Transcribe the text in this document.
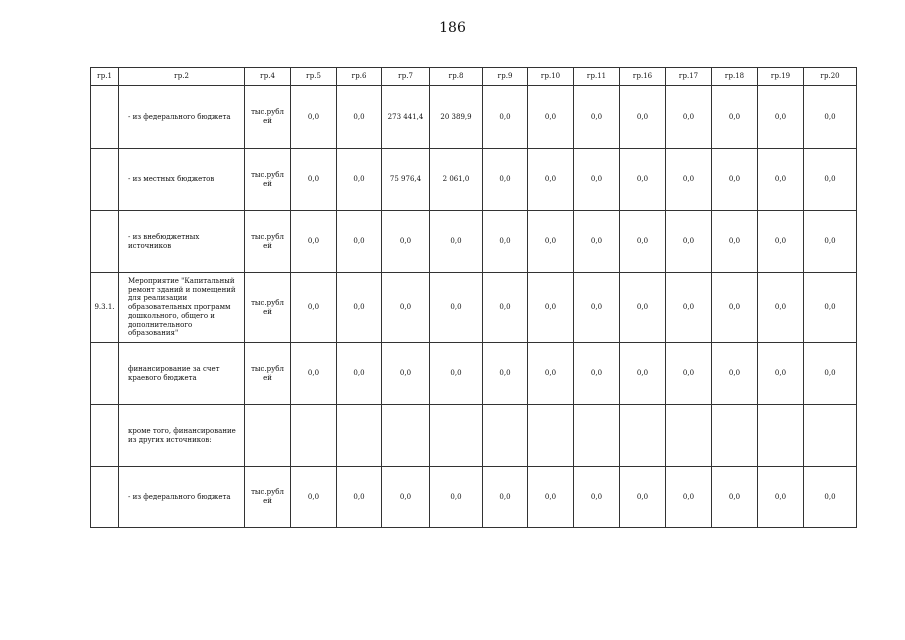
186
гр.1	гр.2	гр.4	гр.5	гр.6	гр.7	гр.8	гр.9	гр.10	гр.11	гр.16	гр.17	гр.18	гр.19	гр.20
	- из федерального бюджета	тыс.рубл ей	0,0	0,0	273 441,4	20 389,9	0,0	0,0	0,0	0,0	0,0	0,0	0,0	0,0
	- из местных бюджетов	тыс.рубл ей	0,0	0,0	75 976,4	2 061,0	0,0	0,0	0,0	0,0	0,0	0,0	0,0	0,0
	- из внебюджетных источников	тыс.рубл ей	0,0	0,0	0,0	0,0	0,0	0,0	0,0	0,0	0,0	0,0	0,0	0,0
9.3.1.	Мероприятие "Капитальный ремонт зданий и помещений для реализации образовательных программ дошкольного, общего и дополнительного образования"	тыс.рубл ей	0,0	0,0	0,0	0,0	0,0	0,0	0,0	0,0	0,0	0,0	0,0	0,0
	финансирование за счет краевого бюджета	тыс.рубл ей	0,0	0,0	0,0	0,0	0,0	0,0	0,0	0,0	0,0	0,0	0,0	0,0
	кроме того, финансирование из других источников:													
	- из федерального бюджета	тыс.рубл ей	0,0	0,0	0,0	0,0	0,0	0,0	0,0	0,0	0,0	0,0	0,0	0,0
